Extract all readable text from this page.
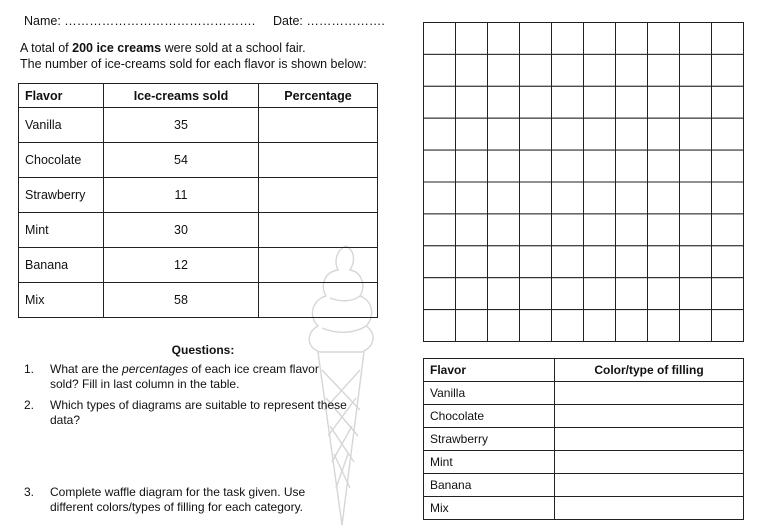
Name: ………………………………………. Date: ……………….
A total of 200 ice creams were sold at a school fair.
The number of ice-creams sold for each flavor is shown below:
Flavor	Ice-creams sold	Percentage
Vanilla	35	
Chocolate	54	
Strawberry	11	
Mint	30	
Banana	12	
Mix	58	
Questions:
1.	What are the percentages of each ice cream flavor sold? Fill in last column in the table.
2.	Which types of diagrams are suitable to represent these data?
3.	Complete waffle diagram for the task given. Use different colors/types of filling for each category.
Flavor	Color/type of filling
Vanilla	
Chocolate	
Strawberry	
Mint	
Banana	
Mix	
